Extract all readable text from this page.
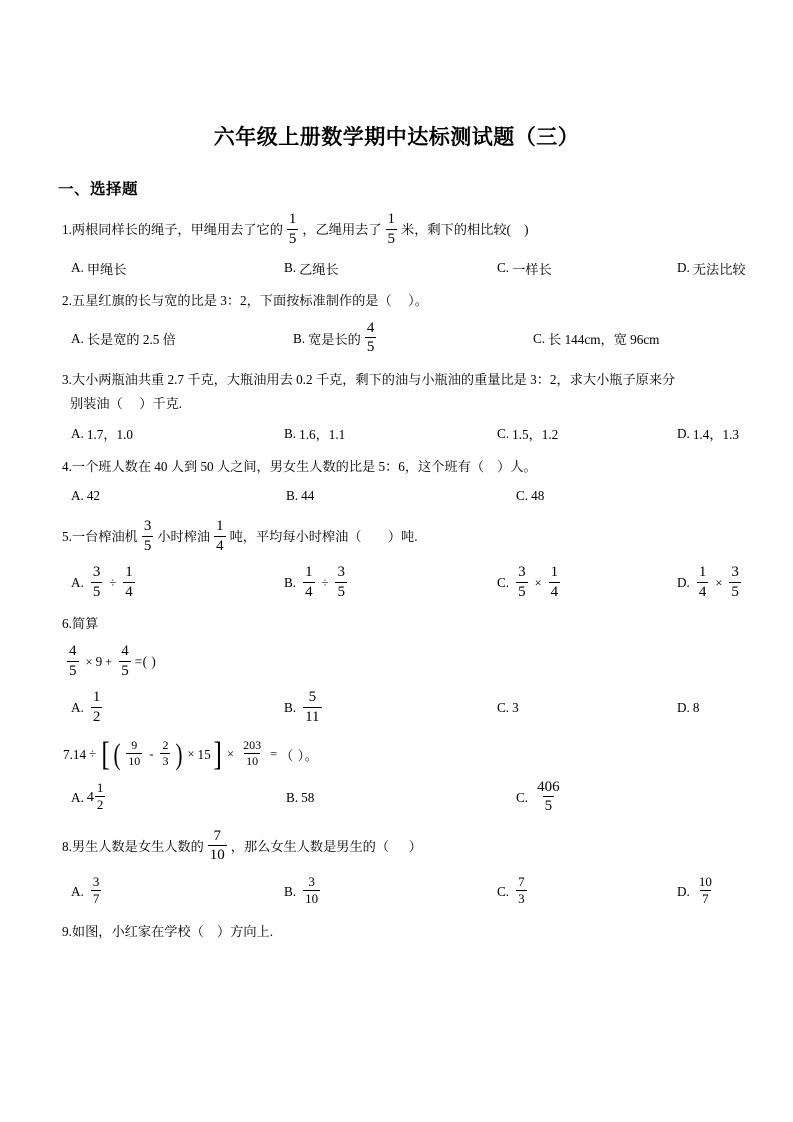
六年级上册数学期中达标测试题（三）
一、选择题
1. 两根同样长的绳子，甲绳用去了它的 $\frac{1}{5}$ ，乙绳用去了 $\frac{1}{5}$ 米，剩下的相比较(    )
A. 甲绳长	B. 乙绳长	C. 一样长	D. 无法比较
2. 五星红旗的长与宽的比是 3：2，下面按标准制作的是（     ）。
A. 长是宽的 2.5 倍	B. 宽是长的 $\frac{4}{5}$	C. 长 144cm，宽 96cm
3. 大小两瓶油共重 2.7 千克，大瓶油用去 0.2 千克，剩下的油与小瓶油的重量比是 3：2，求大小瓶子原来分
别装油（     ）千克.
A. 1.7，1.0	B. 1.6，1.1	C. 1.5，1.2	D. 1.4，1.3
4. 一个班人数在 40 人到 50 人之间，男女生人数的比是 5：6，这个班有（    ）人。
A. 42	B. 44	C. 48
5. 一台榨油机 $\frac{3}{5}$ 小时榨油 $\frac{1}{4}$ 吨，平均每小时榨油（        ）吨.
A. $\frac{3}{5} \div \frac{1}{4}$	B. $\frac{1}{4} \div \frac{3}{5}$	C. $\frac{3}{5} \times \frac{1}{4}$	D. $\frac{1}{4} \times \frac{3}{5}$
6. 简算
$\frac{4}{5} \times 9 + \frac{4}{5}$ =( )
A. $\frac{1}{2}$	B. $\frac{5}{11}$	C. 3	D. 8
7. 14 ÷ [ ( $\frac{9}{10} - \frac{2}{3}$ ) × 15 ] × $\frac{203}{10}$ = （ ）。
A. $4 \frac{1}{2}$	B. 58	C. $\frac{406}{5}$
8. 男生人数是女生人数的 $\frac{7}{10}$ ，那么女生人数是男生的（      ）
A. $\frac{3}{7}$	B. $\frac{3}{10}$	C. $\frac{7}{3}$	D. $\frac{10}{7}$
9. 如图，小红家在学校（    ）方向上.
